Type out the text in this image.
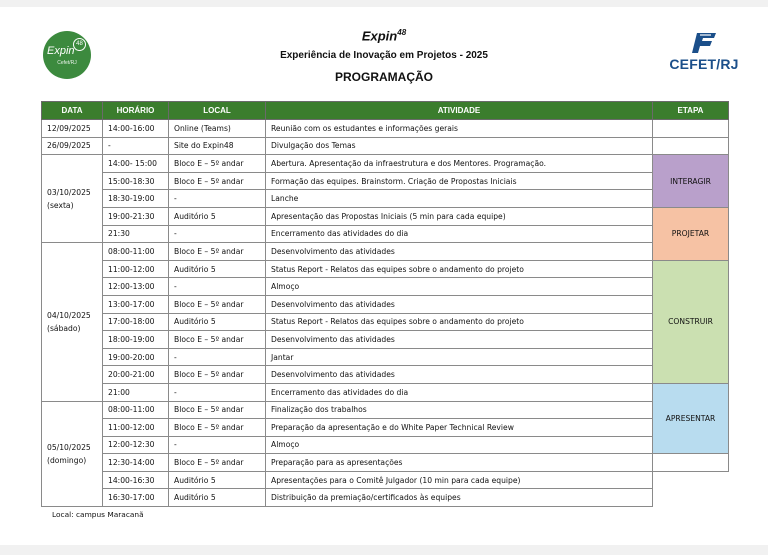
Expin
48
Cefet/RJ
Expin$^{48}$
Experiência de Inovação em Projetos - 2025
PROGRAMAÇÃO
CEFET/RJ
DATA	HORÁRIO	LOCAL	ATIVIDADE	ETAPA

12/09/2025	14:00-16:00	Online (Teams)	Reunião com os estudantes e informações gerais	

26/09/2025	-	Site do Expin48	Divulgação dos Temas	

03/10/2025
(sexta)	14:00- 15:00	Bloco E – 5º andar	Abertura. Apresentação da infraestrutura e dos Mentores. Programação.	INTERAGIR
	15:00-18:30	Bloco E – 5º andar	Formação das equipes. Brainstorm. Criação de Propostas Iniciais	
	18:30-19:00	-	Lanche	
	19:00-21:30	Auditório 5	Apresentação das Propostas Iniciais (5 min para cada equipe)	PROJETAR
	21:30	-	Encerramento das atividades do dia	

04/10/2025
(sábado)	08:00-11:00	Bloco E – 5º andar	Desenvolvimento das atividades	
	11:00-12:00	Auditório 5	Status Report - Relatos das equipes sobre o andamento do projeto	CONSTRUIR
	12:00-13:00	-	Almoço	
	13:00-17:00	Bloco E – 5º andar	Desenvolvimento das atividades	
	17:00-18:00	Auditório 5	Status Report - Relatos das equipes sobre o andamento do projeto	
	18:00-19:00	Bloco E – 5º andar	Desenvolvimento das atividades	
	19:00-20:00	-	Jantar	
	20:00-21:00	Bloco E – 5º andar	Desenvolvimento das atividades	
	21:00	-	Encerramento das atividades do dia	APRESENTAR

05/10/2025
(domingo)	08:00-11:00	Bloco E – 5º andar	Finalização dos trabalhos	
	11:00-12:00	Bloco E – 5º andar	Preparação da apresentação e do White Paper Technical Review	
	12:00-12:30	-	Almoço	
	12:30-14:00	Bloco E – 5º andar	Preparação para as apresentações	
	14:00-16:30	Auditório 5	Apresentações para o Comitê Julgador (10 min para cada equipe)	
	16:30-17:00	Auditório 5	Distribuição da premiação/certificados às equipes	
Local: campus Maracanã
